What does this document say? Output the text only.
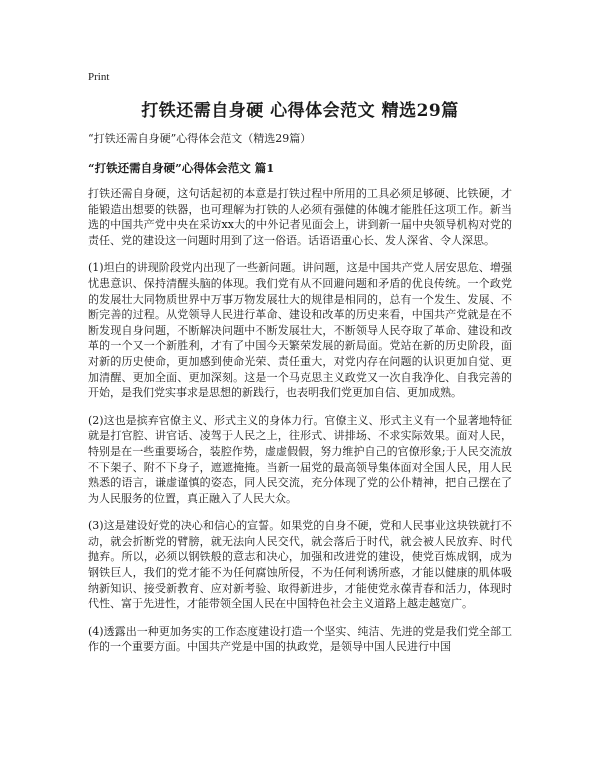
Print
打铁还需自身硬 心得体会范文 精选29篇
“打铁还需自身硬”心得体会范文（精选29篇）
“打铁还需自身硬”心得体会范文 篇1

打铁还需自身硬，这句话起初的本意是打铁过程中所用的工具必须足够硬、比铁硬，才能锻造出想要的铁器，也可理解为打铁的人必须有强健的体魄才能胜任这项工作。新当选的中国共产党中央在采访xx大的中外记者见面会上，讲到新一届中央领导机构对党的责任、党的建设这一问题时用到了这一俗语。话语语重心长、发人深省、令人深思。

(1)坦白的讲现阶段党内出现了一些新问题。讲问题，这是中国共产党人居安思危、增强忧患意识、保持清醒头脑的体现。我们党有从不回避问题和矛盾的优良传统。一个政党的发展壮大同物质世界中万事万物发展壮大的规律是相同的，总有一个发生、发展、不断完善的过程。从党领导人民进行革命、建设和改革的历史来看，中国共产党就是在不断发现自身问题，不断解决问题中不断发展壮大，不断领导人民夺取了革命、建设和改革的一个又一个新胜利，才有了中国今天繁荣发展的新局面。党站在新的历史阶段，面对新的历史使命，更加感到使命光荣、责任重大，对党内存在问题的认识更加自觉、更加清醒、更加全面、更加深刻。这是一个马克思主义政党又一次自我净化、自我完善的开始，是我们党实事求是思想的新践行，也表明我们党更加自信、更加成熟。

(2)这也是摈弃官僚主义、形式主义的身体力行。官僚主义、形式主义有一个显著地特征就是打官腔、讲官话、凌驾于人民之上，往形式、讲排场、不求实际效果。面对人民，特别是在一些重要场合，装腔作势，虚虚假假，努力维护自己的官僚形象;于人民交流放不下架子、附不下身子，遮遮掩掩。当新一届党的最高领导集体面对全国人民，用人民熟悉的语言，谦虚谨慎的姿态，同人民交流，充分体现了党的公仆精神，把自己摆在了为人民服务的位置，真正融入了人民大众。

(3)这是建设好党的决心和信心的宣誓。如果党的自身不硬，党和人民事业这块铁就打不动，就会折断党的臂膀，就无法向人民交代，就会落后于时代，就会被人民放弃、时代抛弃。所以，必须以钢铁般的意志和决心，加强和改进党的建设，使党百炼成钢，成为钢铁巨人，我们的党才能不为任何腐蚀所侵，不为任何利诱所惑，才能以健康的肌体吸纳新知识、接受新教育、应对新考验、取得新进步，才能使党永葆青春和活力，体现时代性、富于先进性，才能带领全国人民在中国特色社会主义道路上越走越宽广。

(4)透露出一种更加务实的工作态度建设打造一个坚实、纯洁、先进的党是我们党全部工作的一个重要方面。中国共产党是中国的执政党，是领导中国人民进行中国
